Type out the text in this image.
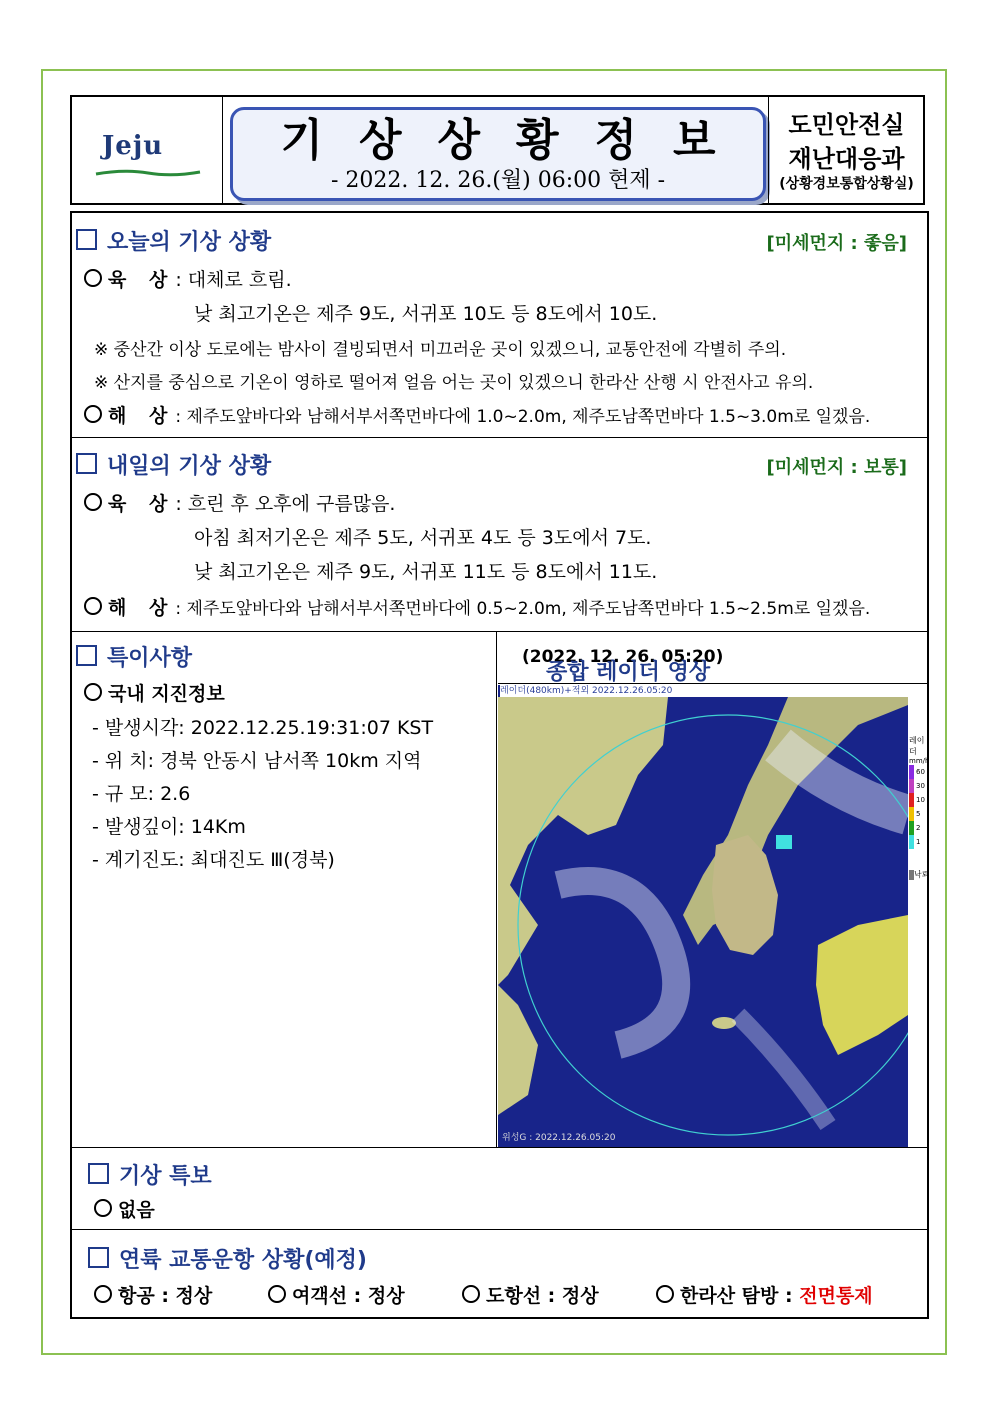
Jeju	기상상황정보
- 2022. 12. 26.(월) 06:00 현제 -
도민안전실
재난대응과
(상황경보통합상황실)
오늘의 기상 상황	[미세먼지 : 좋음]
육 상: 대체로 흐림.
낮 최고기온은 제주 9도, 서귀포 10도 등 8도에서 10도.
※ 중산간 이상 도로에는 밤사이 결빙되면서 미끄러운 곳이 있겠으니, 교통안전에 각별히 주의.
※ 산지를 중심으로 기온이 영하로 떨어져 얼음 어는 곳이 있겠으니 한라산 산행 시 안전사고 유의.
해 상: 제주도앞바다와 남해서부서쪽먼바다에 1.0~2.0m, 제주도남쪽먼바다 1.5~3.0m로 일겠음.
내일의 기상 상황	[미세먼지 : 보통]
육 상: 흐린 후 오후에 구름많음.
아침 최저기온은 제주 5도, 서귀포 4도 등 3도에서 7도.
낮 최고기온은 제주 9도, 서귀포 11도 등 8도에서 11도.
해 상: 제주도앞바다와 남해서부서쪽먼바다에 0.5~2.0m, 제주도남쪽먼바다 1.5~2.5m로 일겠음.
특이사항
국내 지진정보
- 발생시각: 2022.12.25.19:31:07 KST
- 위 치: 경북 안동시 남서쪽 10km 지역
- 규 모: 2.6
- 발생깊이: 14Km
- 계기진도: 최대진도 Ⅲ(경북)
종합 레이더 영상
(2022. 12. 26. 05:20)
레이더(480km)+적외 2022.12.26.05:20
위성G : 2022.12.26.05:20
레이더
mm/h
60
30
10
5
2
1
낙뢰
기상 특보
없음
연륙 교통운항 상황(예정)
항공 : 정상	여객선 : 정상	도항선 : 정상	한라산 탐방 : 전면통제
